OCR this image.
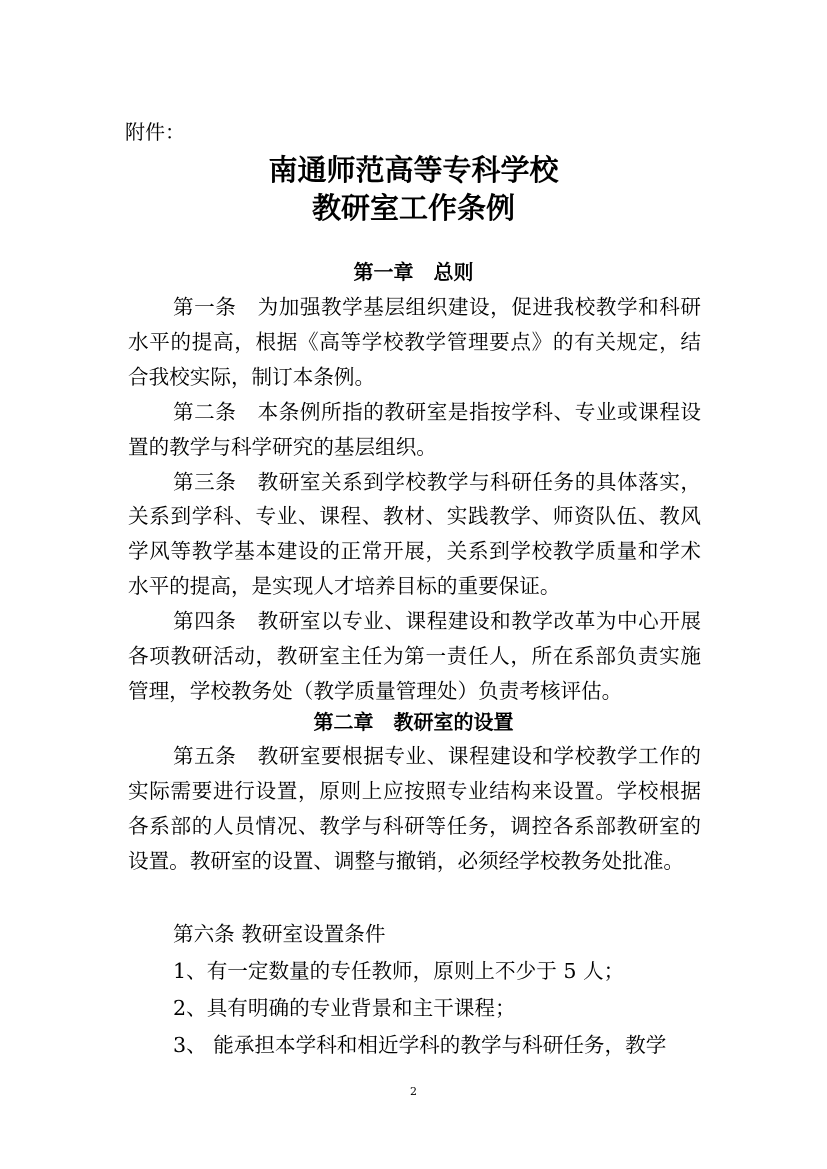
附件：
南通师范高等专科学校
教研室工作条例
第一章　总则

第一条　为加强教学基层组织建设，促进我校教学和科研水平的提高，根据《高等学校教学管理要点》的有关规定，结合我校实际，制订本条例。

第二条　本条例所指的教研室是指按学科、专业或课程设置的教学与科学研究的基层组织。

第三条　教研室关系到学校教学与科研任务的具体落实，关系到学科、专业、课程、教材、实践教学、师资队伍、教风学风等教学基本建设的正常开展，关系到学校教学质量和学术水平的提高，是实现人才培养目标的重要保证。

第四条　教研室以专业、课程建设和教学改革为中心开展各项教研活动，教研室主任为第一责任人，所在系部负责实施管理，学校教务处（教学质量管理处）负责考核评估。

第二章　教研室的设置

第五条　教研室要根据专业、课程建设和学校教学工作的实际需要进行设置，原则上应按照专业结构来设置。学校根据各系部的人员情况、教学与科研等任务，调控各系部教研室的设置。教研室的设置、调整与撤销，必须经学校教务处批准。

第六条 教研室设置条件

1、有一定数量的专任教师，原则上不少于 5 人；

2、具有明确的专业背景和主干课程；

3、 能承担本学科和相近学科的教学与科研任务，教学

2
